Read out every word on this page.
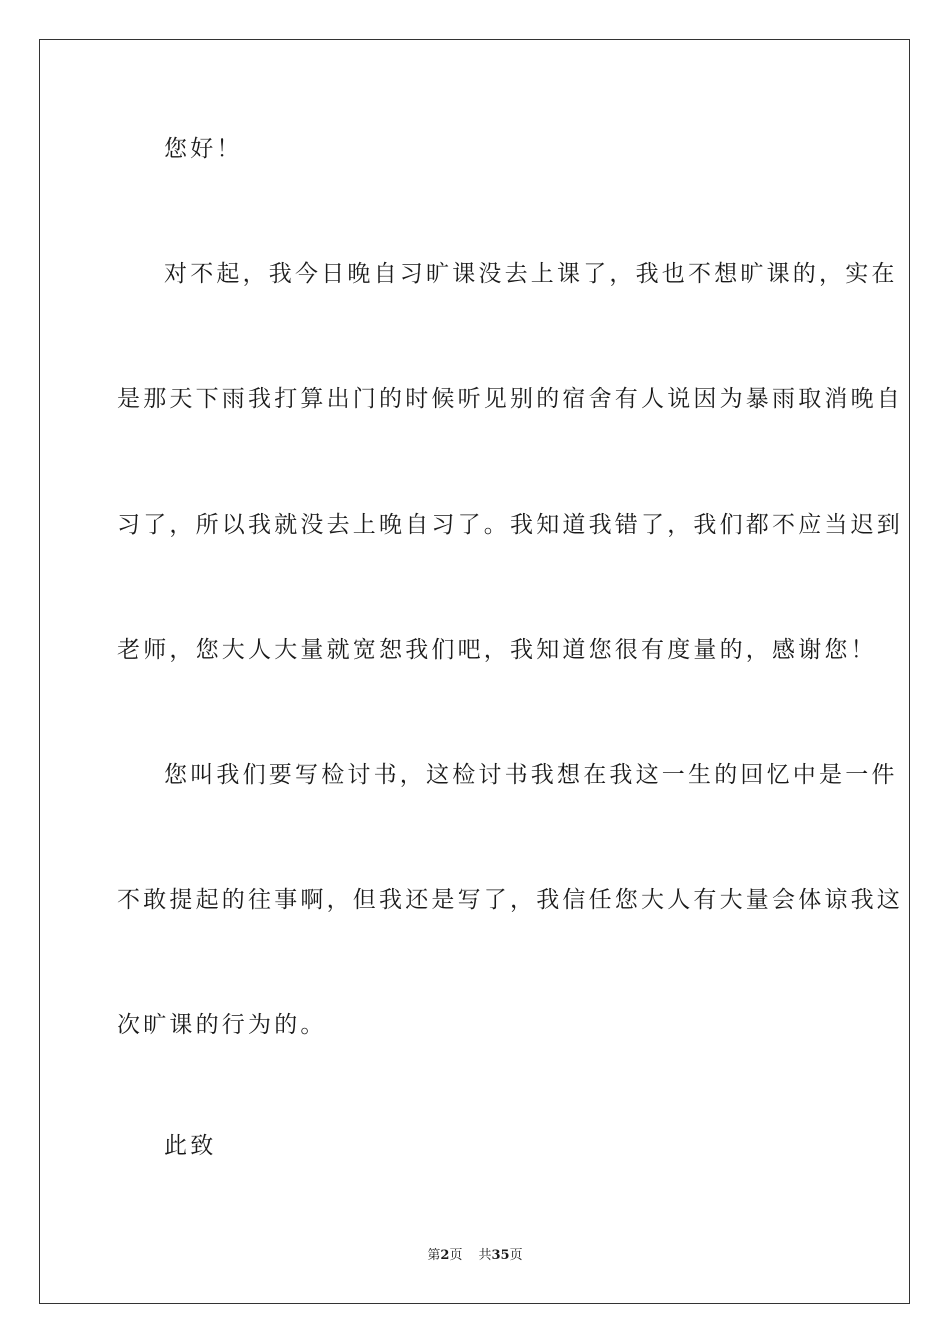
您好！
对不起，我今日晚自习旷课没去上课了，我也不想旷课的，实在
是那天下雨我打算出门的时候听见别的宿舍有人说因为暴雨取消晚自
习了，所以我就没去上晚自习了。我知道我错了，我们都不应当迟到
老师，您大人大量就宽恕我们吧，我知道您很有度量的，感谢您！
您叫我们要写检讨书，这检讨书我想在我这一生的回忆中是一件
不敢提起的往事啊，但我还是写了，我信任您大人有大量会体谅我这
次旷课的行为的。
此致
第2页 共35页
